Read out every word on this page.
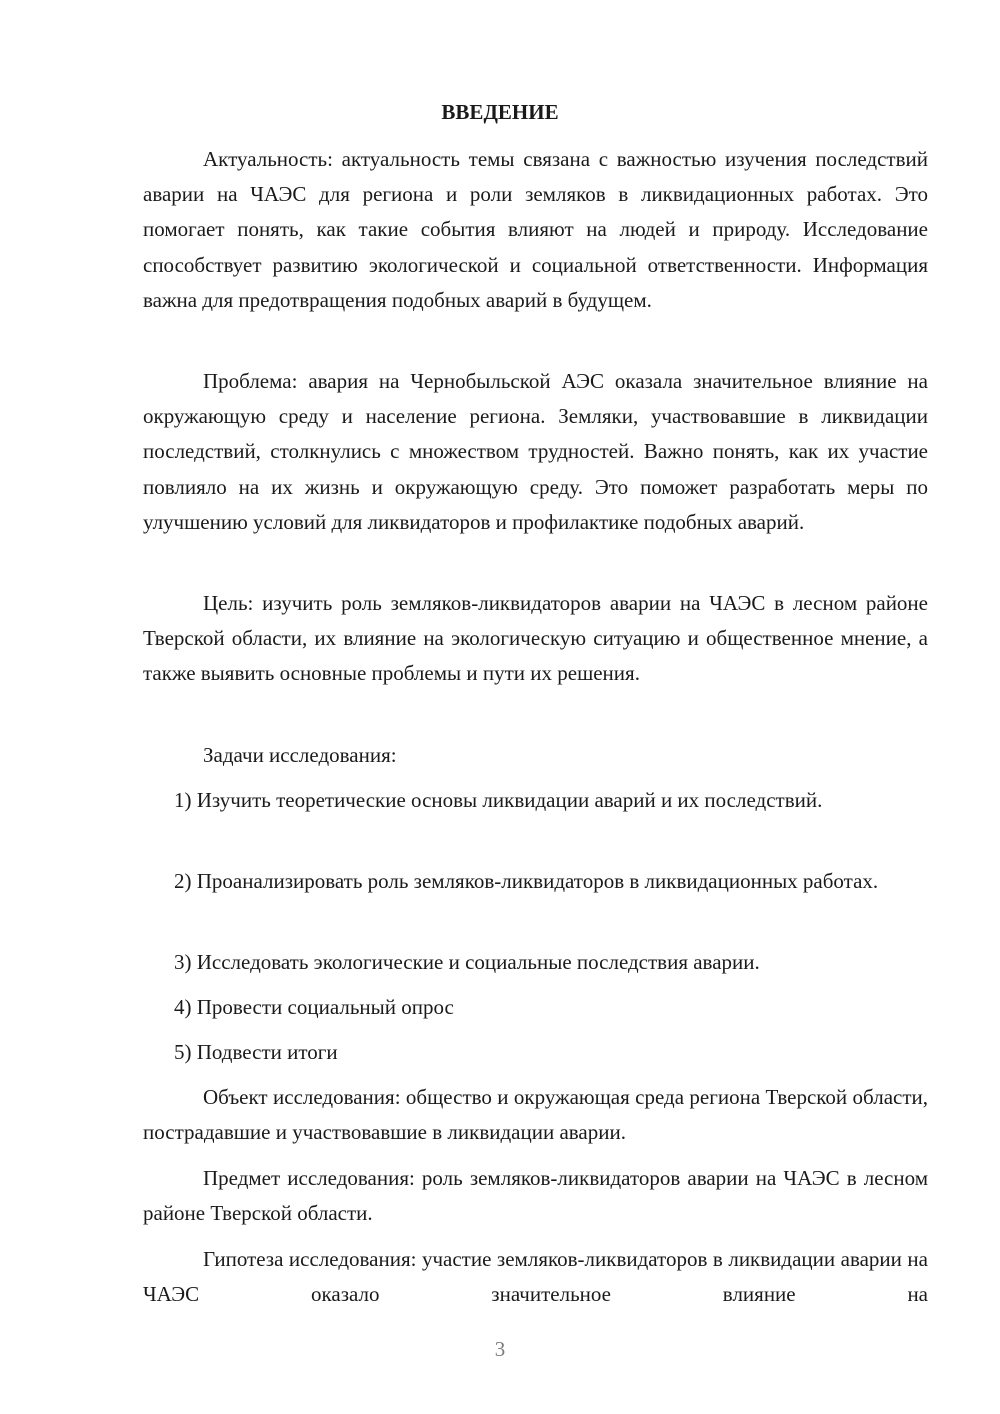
ВВЕДЕНИЕ

Актуальность: актуальность темы связана с важностью изучения последствий аварии на ЧАЭС для региона и роли земляков в ликвидационных работах. Это помогает понять, как такие события влияют на людей и природу. Исследование способствует развитию экологической и социальной ответственности. Информация важна для предотвращения подобных аварий в будущем.

Проблема: авария на Чернобыльской АЭС оказала значительное влияние на окружающую среду и население региона. Земляки, участвовавшие в ликвидации последствий, столкнулись с множеством трудностей. Важно понять, как их участие повлияло на их жизнь и окружающую среду. Это поможет разработать меры по улучшению условий для ликвидаторов и профилактике подобных аварий.

Цель: изучить роль земляков-ликвидаторов аварии на ЧАЭС в лесном районе Тверской области, их влияние на экологическую ситуацию и общественное мнение, а также выявить основные проблемы и пути их решения.

Задачи исследования:

1) Изучить теоретические основы ликвидации аварий и их последствий.

2) Проанализировать роль земляков-ликвидаторов в ликвидационных работах.

3) Исследовать экологические и социальные последствия аварии.

4) Провести социальный опрос

5) Подвести итоги

Объект исследования: общество и окружающая среда региона Тверской области, пострадавшие и участвовавшие в ликвидации аварии.

Предмет исследования: роль земляков-ликвидаторов аварии на ЧАЭС в лесном районе Тверской области.

Гипотеза исследования: участие земляков-ликвидаторов в ликвидации аварии на ЧАЭС оказало значительное влияние на

3
